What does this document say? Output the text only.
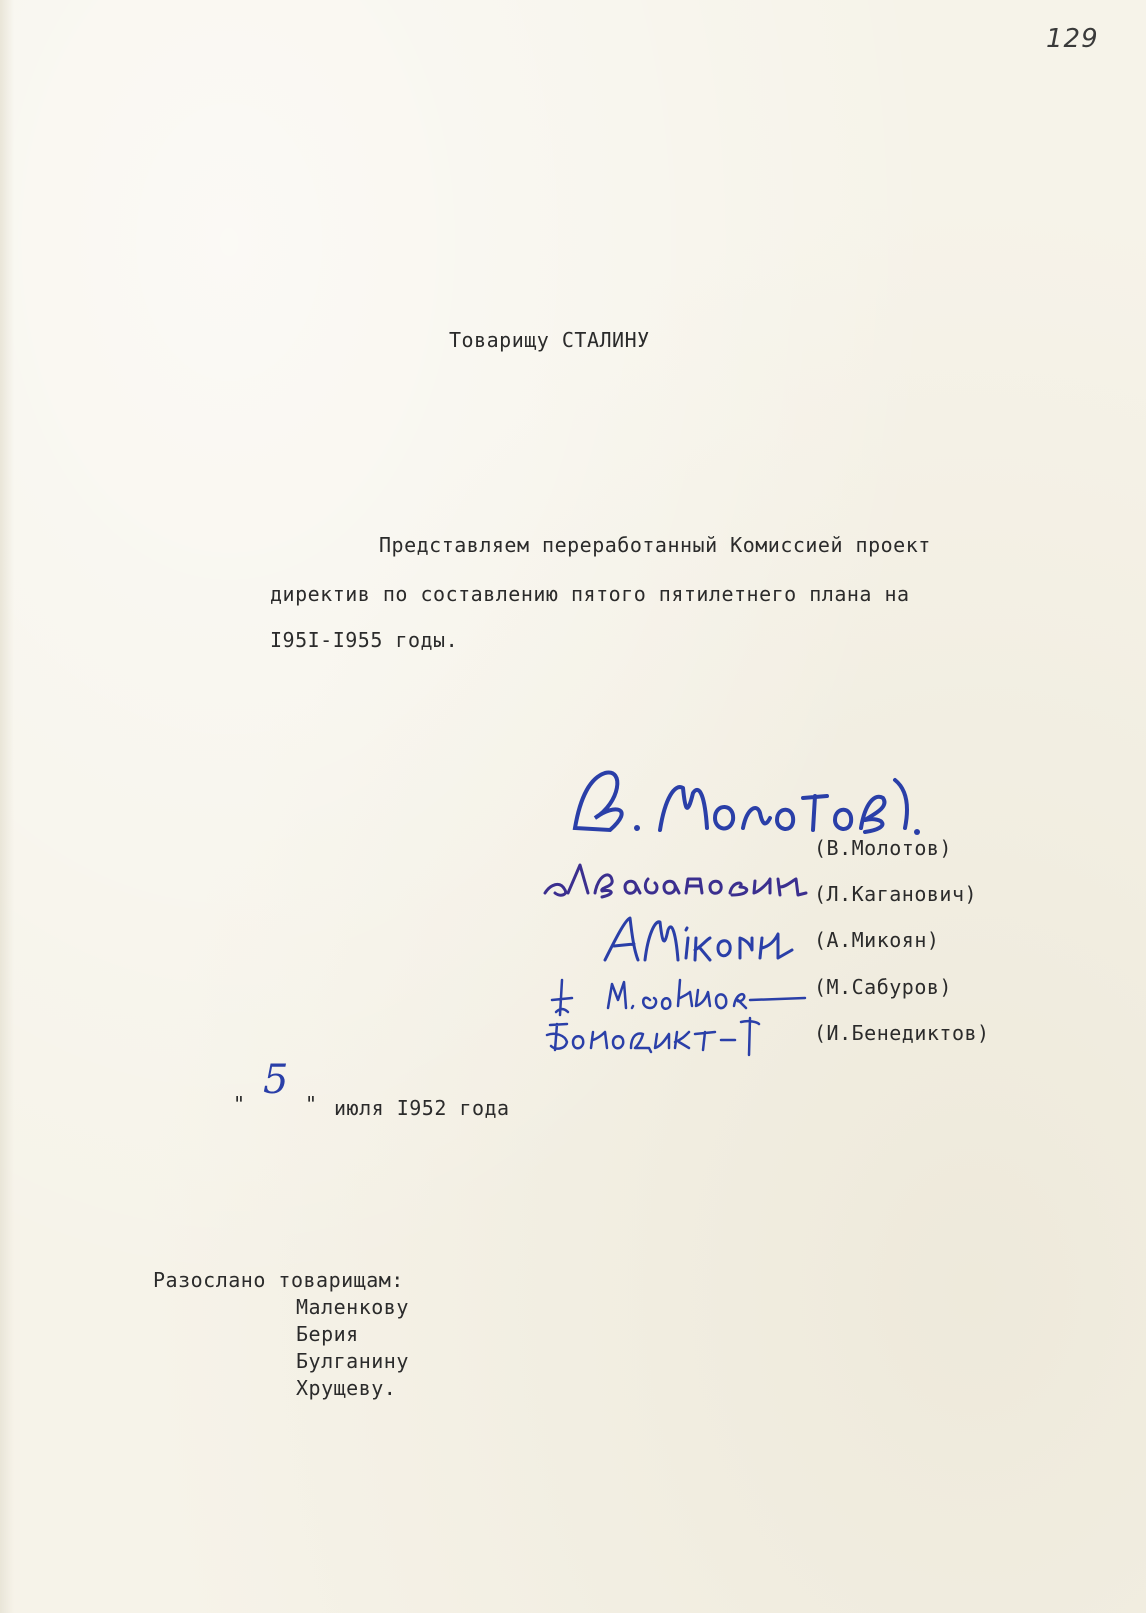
129
Товарищу СТАЛИНУ
Представляем переработанный Комиссией проект
директив по составлению пятого пятилетнего плана на
I95I-I955 годы.
(В.Молотов)
(Л.Каганович)
(А.Микоян)
(М.Сабуров)
(И.Бенедиктов)
"
5
" июля I952 года
Разослано товарищам:
Маленкову
Берия
Булганину
Хрущеву.
